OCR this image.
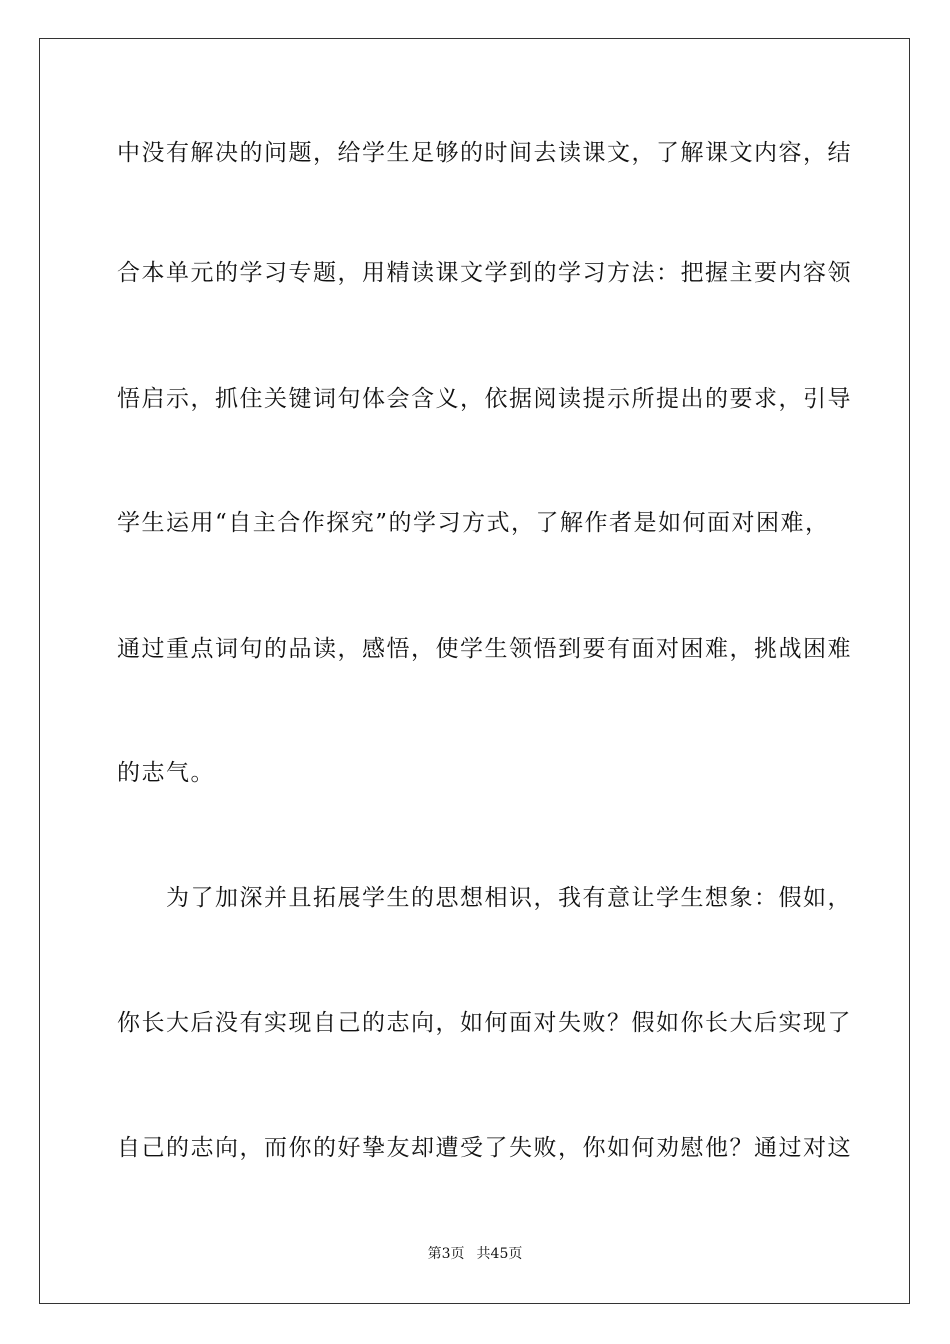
中没有解决的问题，给学生足够的时间去读课文，了解课文内容，结
合本单元的学习专题，用精读课文学到的学习方法：把握主要内容领
悟启示，抓住关键词句体会含义，依据阅读提示所提出的要求，引导
学生运用“自主合作探究”的学习方式，了解作者是如何面对困难，
通过重点词句的品读，感悟，使学生领悟到要有面对困难，挑战困难
的志气。
　　为了加深并且拓展学生的思想相识，我有意让学生想象：假如，
你长大后没有实现自己的志向，如何面对失败？假如你长大后实现了
自己的志向，而你的好挚友却遭受了失败，你如何劝慰他？通过对这
第3页 共45页
